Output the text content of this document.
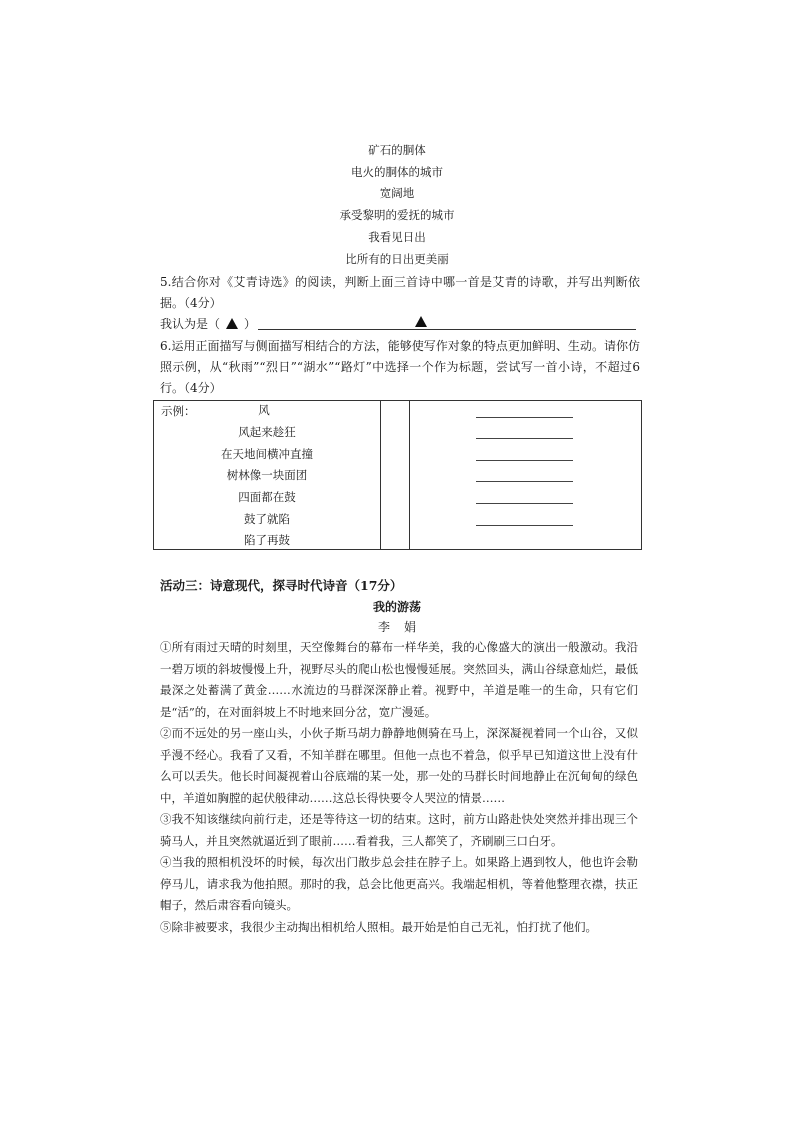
矿石的胴体
电火的胴体的城市
宽阔地
承受黎明的爱抚的城市
我看见日出
比所有的日出更美丽
5.结合你对《艾青诗选》的阅读，判断上面三首诗中哪一首是艾青的诗歌，并写出判断依据。（4分）
我认为是（ ）
6.运用正面描写与侧面描写相结合的方法，能够使写作对象的特点更加鲜明、生动。请你仿照示例，从“秋雨”“烈日”“湖水”“路灯”中选择一个作为标题，尝试写一首小诗，不超过6行。（4分）
示例：	风
风起来趁狂
在天地间横冲直撞
树林像一块面团
四面都在鼓
鼓了就陷
陷了再鼓

活动三：诗意现代，探寻时代诗音（17分）
我的游荡
李娟
①所有雨过天晴的时刻里，天空像舞台的幕布一样华美，我的心像盛大的演出一般激动。我沿一碧万顷的斜坡慢慢上升，视野尽头的爬山松也慢慢延展。突然回头，满山谷绿意灿烂，最低最深之处蓄满了黄金……水流边的马群深深静止着。视野中，羊道是唯一的生命，只有它们是“活”的，在对面斜坡上不时地来回分岔，宽广漫延。
②而不远处的另一座山头，小伙子斯马胡力静静地侧骑在马上，深深凝视着同一个山谷，又似乎漫不经心。我看了又看，不知羊群在哪里。但他一点也不着急，似乎早已知道这世上没有什么可以丢失。他长时间凝视着山谷底端的某一处，那一处的马群长时间地静止在沉甸甸的绿色中，羊道如胸膛的起伏般律动……这总长得快要令人哭泣的情景……
③我不知该继续向前行走，还是等待这一切的结束。这时，前方山路赴快处突然并排出现三个骑马人，并且突然就逼近到了眼前……看着我，三人都笑了，齐刷刷三口白牙。
④当我的照相机没坏的时候，每次出门散步总会挂在脖子上。如果路上遇到牧人，他也许会勒停马儿，请求我为他拍照。那时的我，总会比他更高兴。我端起相机，等着他整理衣襟，扶正帽子，然后肃容看向镜头。
⑤除非被要求，我很少主动掏出相机给人照相。最开始是怕自己无礼，怕打扰了他们。
